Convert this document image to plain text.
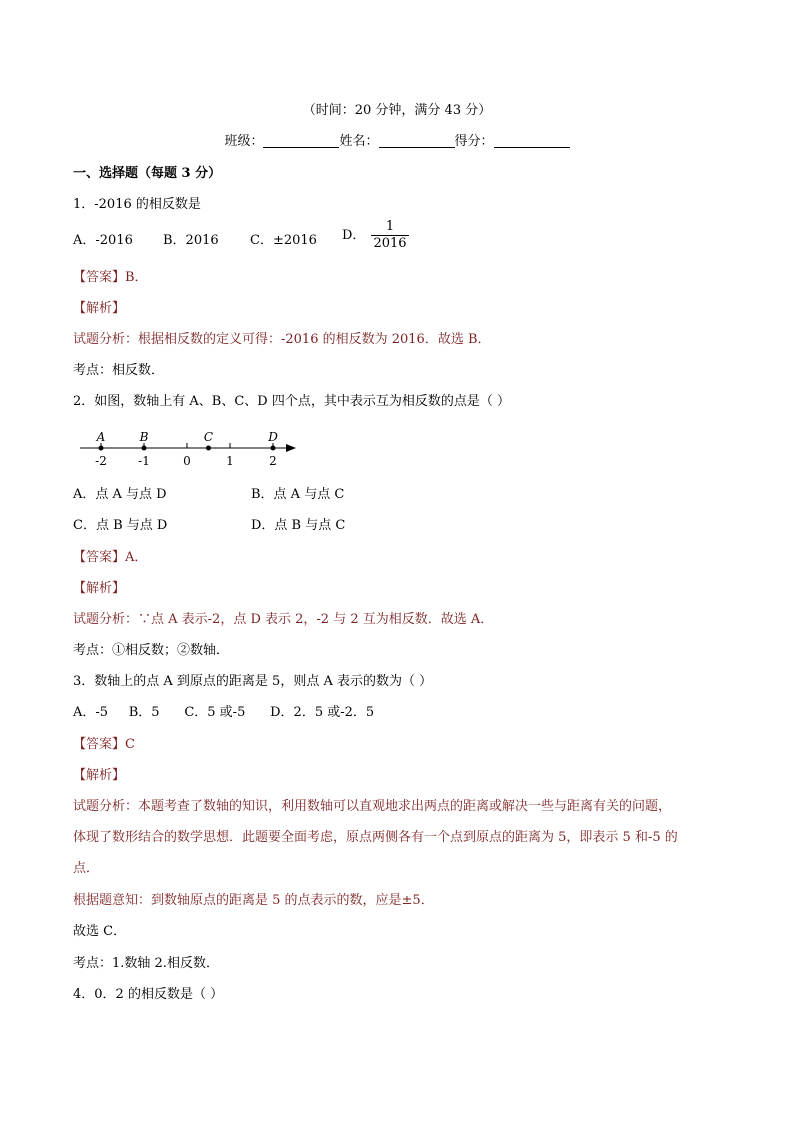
（时间：20 分钟，满分 43 分）
班级：	姓名：	得分：
一、选择题（每题 3 分）
1．-2016 的相反数是
A．-2016 B．2016 C．±2016 D． $\frac{1}{2016}$
【答案】B．
【解析】
试题分析：根据相反数的定义可得：-2016 的相反数为 2016．故选 B．
考点：相反数．
2．如图，数轴上有 A、B、C、D 四个点，其中表示互为相反数的点是（ ）
-2	-1	0	1	2
A	B	C	D
A．点 A 与点 D	B．点 A 与点 C
C．点 B 与点 D	D．点 B 与点 C
【答案】A．
【解析】
试题分析：∵点 A 表示-2，点 D 表示 2，-2 与 2 互为相反数．故选 A．
考点：①相反数；②数轴．
3．数轴上的点 A 到原点的距离是 5，则点 A 表示的数为（ ）
A．-5     B．5      C．5 或-5      D．2．5 或-2．5
【答案】C
【解析】
试题分析：本题考查了数轴的知识，利用数轴可以直观地求出两点的距离或解决一些与距离有关的问题，
体现了数形结合的数学思想．此题要全面考虑，原点两侧各有一个点到原点的距离为 5，即表示 5 和-5 的
点．
根据题意知：到数轴原点的距离是 5 的点表示的数，应是±5．
故选 C．
考点：1.数轴 2.相反数．
4．0．2 的相反数是（ ）
